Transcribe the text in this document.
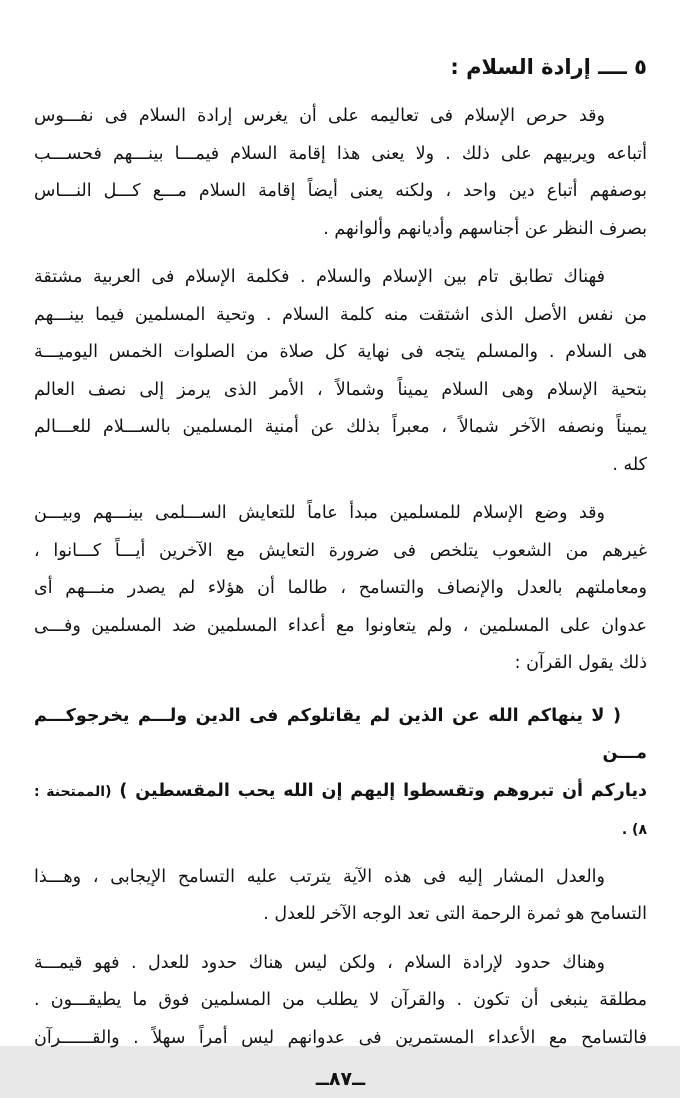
٥ ــــ إرادة السلام :
وقد حرص الإسلام فى تعاليمه على أن يغرس إرادة السلام فى نفـــوس
أتباعه ويربيهم على ذلك . ولا يعنى هذا إقامة السلام فيمـــا بينـــهم فحســـب
بوصفهم أتباع دين واحد ، ولكنه يعنى أيضاً إقامة السلام مـــع كـــل النـــاس
بصرف النظر عن أجناسهم وأديانهم وألوانهم .
فهناك تطابق تام بين الإسلام والسلام . فكلمة الإسلام فى العربية مشتقة
من نفس الأصل الذى اشتقت منه كلمة السلام . وتحية المسلمين فيما بينـــهم
هى السلام . والمسلم يتجه فى نهاية كل صلاة من الصلوات الخمس اليوميـــة
بتحية الإسلام وهى السلام يميناً وشمالاً ، الأمر الذى يرمز إلى نصف العالم
يميناً ونصفه الآخر شمالاً ، معبراً بذلك عن أمنية المسلمين بالســـلام للعـــالم
كله .
وقد وضع الإسلام للمسلمين مبدأ عاماً للتعايش الســـلمى بينـــهم وبيـــن
غيرهم من الشعوب يتلخص فى ضرورة التعايش مع الآخرين أيـــاً كـــانوا ،
ومعاملتهم بالعدل والإنصاف والتسامح ، طالما أن هؤلاء لم يصدر منـــهم أى
عدوان على المسلمين ، ولم يتعاونوا مع أعداء المسلمين ضد المسلمين وفـــى
ذلك يقول القرآن :
( لا ينهاكم الله عن الذين لم يقاتلوكم فى الدين ولـــم يخرجوكـــم مـــن
دياركم أن تبروهم وتقسطوا إليهم إن الله يحب المقسطين ) (الممتحنة : ٨) .
والعدل المشار إليه فى هذه الآية يترتب عليه التسامح الإيجابى ، وهـــذا
التسامح هو ثمرة الرحمة التى تعد الوجه الآخر للعدل .
وهناك حدود لإرادة السلام ، ولكن ليس هناك حدود للعدل . فهو قيمـــة
مطلقة ينبغى أن تكون . والقرآن لا يطلب من المسلمين فوق ما يطيقـــون .
فالتسامح مع الأعداء المستمرين فى عدوانهم ليس أمراً سهلاً . والقــــــرآن
ــ٨٧ــ
